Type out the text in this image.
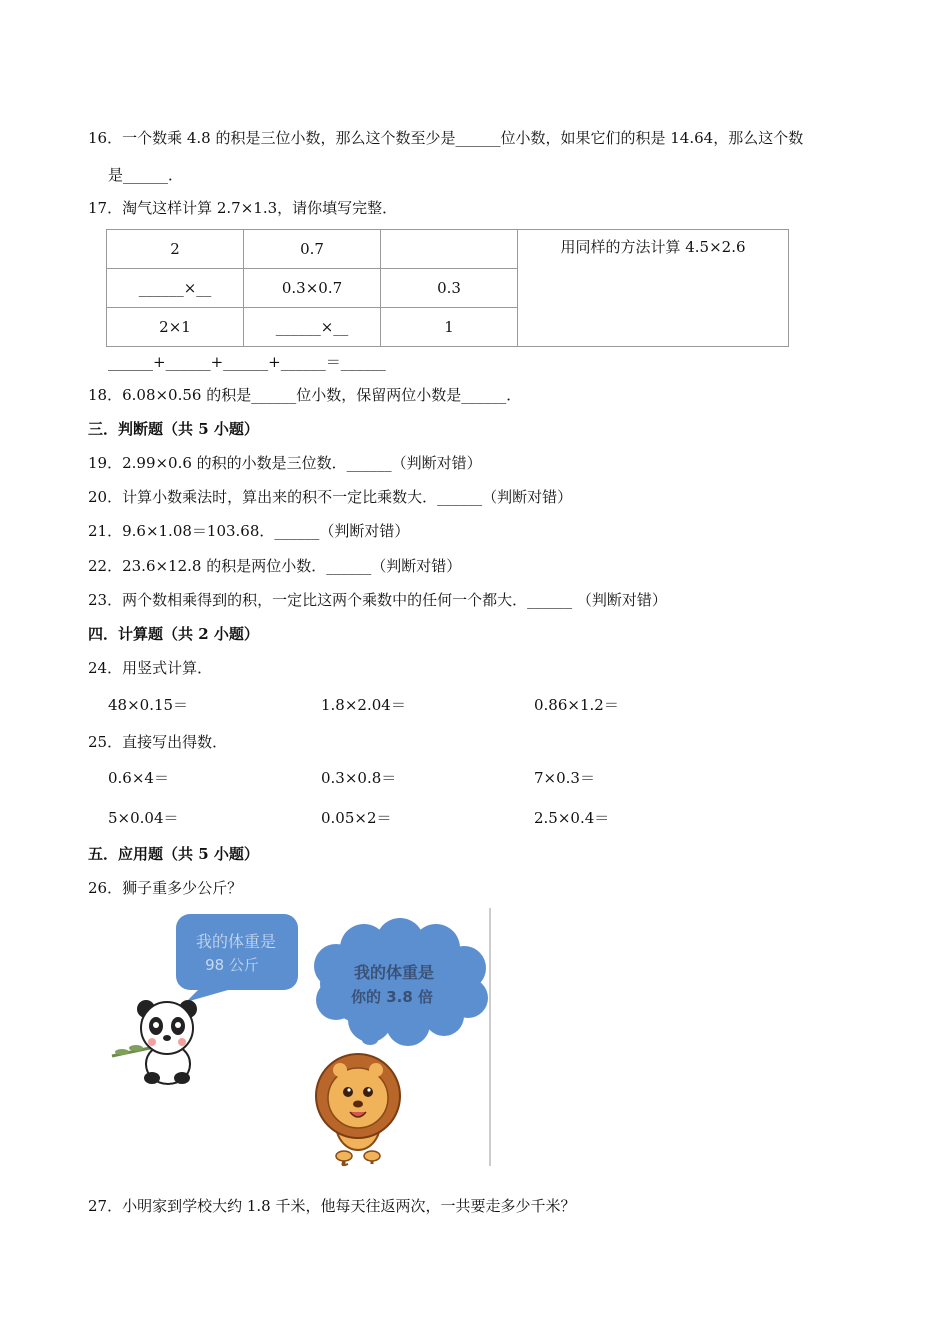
16．一个数乘 4.8 的积是三位小数，那么这个数至少是______位小数，如果它们的积是 14.64，那么这个数
是______．
17．淘气这样计算 2.7×1.3，请你填写完整．
2	0.7		用同样的方法计算 4.5×2.6
______×__	0.3×0.7	0.3	
2×1	______×__	1	
______+______+______+______＝______
18．6.08×0.56 的积是______位小数，保留两位小数是______．
三．判断题（共 5 小题）
19．2.99×0.6 的积的小数是三位数．______（判断对错）
20．计算小数乘法时，算出来的积不一定比乘数大．______（判断对错）
21．9.6×1.08＝103.68．______（判断对错）
22．23.6×12.8 的积是两位小数．______（判断对错）
23．两个数相乘得到的积，一定比这两个乘数中的任何一个都大．______ （判断对错）
四．计算题（共 2 小题）
24．用竖式计算．
48×0.15＝	1.8×2.04＝	0.86×1.2＝
25．直接写出得数．
0.6×4＝	0.3×0.8＝	7×0.3＝
5×0.04＝	0.05×2＝	2.5×0.4＝
五．应用题（共 5 小题）
26．狮子重多少公斤？
我的体重是
98 公斤	我的体重是
你的 3.8 倍
27．小明家到学校大约 1.8 千米，他每天往返两次，一共要走多少千米？
